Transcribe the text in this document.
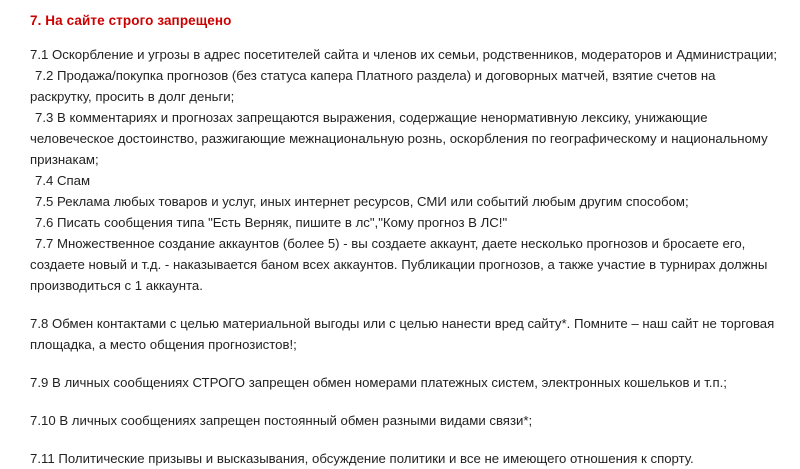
7. На сайте строго запрещено

7.1 Оскорбление и угрозы в адрес посетителей сайта и членов их семьи, родственников, модераторов и Администрации;

7.2 Продажа/покупка прогнозов (без статуса капера Платного раздела) и договорных матчей, взятие счетов на раскрутку, просить в долг деньги;

7.3 В комментариях и прогнозах запрещаются выражения, содержащие ненормативную лексику, унижающие человеческое достоинство, разжигающие межнациональную рознь, оскорбления по географическому и национальному признакам;

7.4 Спам

7.5 Реклама любых товаров и услуг, иных интернет ресурсов, СМИ или событий любым другим способом;

7.6 Писать сообщения типа "Есть Верняк, пишите в лс","Кому прогноз В ЛС!"

7.7 Множественное создание аккаунтов (более 5) - вы создаете аккаунт, даете несколько прогнозов и бросаете его, создаете новый и т.д. - наказывается баном всех аккаунтов. Публикации прогнозов, а также участие в турнирах должны производиться с 1 аккаунта.

7.8 Обмен контактами с целью материальной выгоды или с целью нанести вред сайту*. Помните – наш сайт не торговая площадка, а место общения прогнозистов!;

7.9 В личных сообщениях СТРОГО запрещен обмен номерами платежных систем, электронных кошельков и т.п.;

7.10 В личных сообщениях запрещен постоянный обмен разными видами связи*;

7.11 Политические призывы и высказывания, обсуждение политики и все не имеющего отношения к спорту.
